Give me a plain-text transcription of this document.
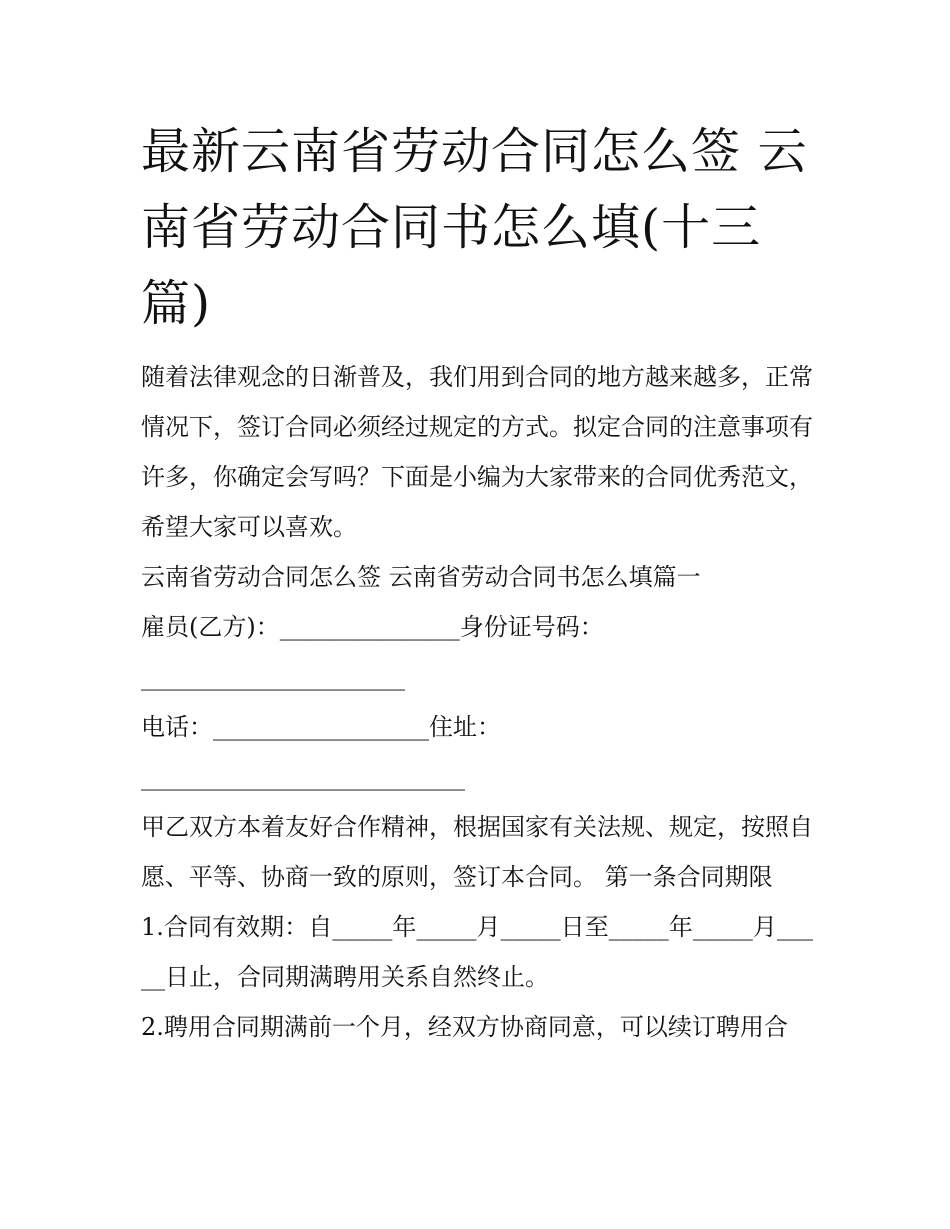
最新云南省劳动合同怎么签 云南省劳动合同书怎么填(十三篇)

随着法律观念的日渐普及，我们用到合同的地方越来越多，正常情况下，签订合同必须经过规定的方式。拟定合同的注意事项有许多，你确定会写吗？下面是小编为大家带来的合同优秀范文，希望大家可以喜欢。

云南省劳动合同怎么签 云南省劳动合同书怎么填篇一

雇员(乙方)：_______________身份证号码：

______________________

电话：__________________住址：

___________________________

甲乙双方本着友好合作精神，根据国家有关法规、规定，按照自愿、平等、协商一致的原则，签订本合同。 第一条合同期限

1.合同有效期：自_____年_____月_____日至_____年_____月_____日止，合同期满聘用关系自然终止。

2.聘用合同期满前一个月，经双方协商同意，可以续订聘用合
